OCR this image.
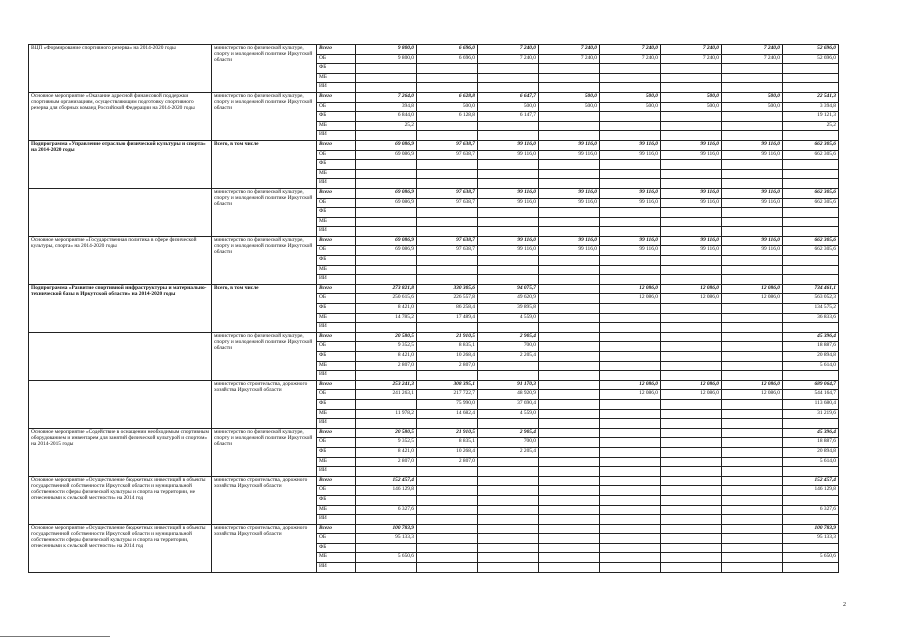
ВЦП «Формирование спортивного резерва» на 2014-2020 годы	министерство по физической культуре, спорту и молодежной политике Иркутской области	Всего	9 800,0	6 696,0	7 240,0	7 240,0	7 240,0	7 240,0	7 240,0	52 696,0
		ОБ	9 800,0	6 696,0	7 240,0	7 240,0	7 240,0	7 240,0	7 240,0	52 696,0
		ФБ								
		МБ								
		ИИ								
Основное мероприятие «Оказание адресной финансовой поддержки спортивным организациям, осуществляющим подготовку спортивного резерва для сборных команд Российской Федерации на 2014-2020 годы	министерство по физической культуре, спорту и молодежной политике Иркутской области	Всего	7 264,0	6 628,8	6 647,7	500,0	500,0	500,0	500,0	22 541,3
		ОБ	394,8	500,0	500,0	500,0	500,0	500,0	500,0	3 394,8
		ФБ	6 844,0	6 128,8	6 147,7					19 121,3
		МБ	25,2							25,2
		ИИ								
Подпрограмма «Управление отраслью физической культуры и спорта» на 2014-2020 годы	Всего, в том числе	Всего	69 086,9	97 638,7	99 116,0	99 116,0	99 116,0	99 116,0	99 116,0	662 305,6
		ОБ	69 086,9	97 638,7	99 116,0	99 116,0	99 116,0	99 116,0	99 116,0	662 305,6
		ФБ								
		МБ								
		ИИ								
	министерство по физической культуре, спорту и молодежной политике Иркутской области	Всего	69 086,9	97 638,7	99 116,0	99 116,0	99 116,0	99 116,0	99 116,0	662 305,6
		ОБ	69 086,9	97 638,7	99 116,0	99 116,0	99 116,0	99 116,0	99 116,0	662 305,6
		ФБ								
		МБ								
		ИИ								
Основное мероприятие «Государственная политика в сфере физической культуры, спорта» на 2014-2020 годы	министерство по физической культуре, спорту и молодежной политике Иркутской области	Всего	69 086,9	97 638,7	99 116,0	99 116,0	99 116,0	99 116,0	99 116,0	662 305,6
		ОБ	69 086,9	97 638,7	99 116,0	99 116,0	99 116,0	99 116,0	99 116,0	662 305,6
		ФБ								
		МБ								
		ИИ								
Подпрограмма «Развитие спортивной инфраструктуры и материально- технической базы в Иркутской области» на 2014-2020 годы	Всего, в том числе	Всего	273 821,8	330 305,6	94 075,7		12 086,0	12 086,0	12 086,0	734 461,1
		ОБ	250 615,6	226 557,8	49 620,9		12 086,0	12 086,0	12 086,0	563 052,3
		ФБ	8 421,0	86 258,4	39 895,8					134 575,2
		МБ	14 785,2	17 489,4	4 559,0					36 833,6
		ИИ								
	министерство по физической культуре, спорту и молодежной политике Иркутской области	Всего	20 580,5	21 910,5	2 905,4					45 396,4
		ОБ	9 352,5	8 835,1	700,0					18 887,6
		ФБ	8 421,0	10 268,4	2 205,4					20 894,8
		МБ	2 807,0	2 807,0						5 614,0
		ИИ								
	министерство строительства, дорожного хозяйства Иркутской области	Всего	253 241,3	308 395,1	91 170,3		12 086,0	12 086,0	12 086,0	689 064,7
		ОБ	241 263,1	217 722,7	48 920,9		12 086,0	12 086,0	12 086,0	544 164,7
		ФБ		75 990,0	37 690,4					113 680,4
		МБ	11 978,2	14 682,4	4 559,0					31 219,6
		ИИ								
Основное мероприятие «Содействие в оснащении необходимым спортивным оборудованием и инвентарем для занятий физической культурой и спортом» на 2014-2015 годы	министерство по физической культуре, спорту и молодежной политике Иркутской области	Всего	20 580,5	21 910,5	2 905,4					45 396,4
		ОБ	9 352,5	8 835,1	700,0					18 887,6
		ФБ	8 421,0	10 268,4	2 205,4					20 894,8
		МБ	2 807,0	2 807,0						5 614,0
		ИИ								
Основное мероприятие «Осуществление бюджетных инвестиций в объекты государственной собственности Иркутской области и муниципальной собственности сферы физической культуры и спорта на территории, не отнесенными к сельской местности» на 2014 год	министерство строительства, дорожного хозяйства Иркутской области	Всего	152 457,4							152 457,4
		ОБ	146 129,8							146 129,8
		ФБ								
		МБ	6 327,6							6 327,6
		ИИ								
Основное мероприятие «Осуществление бюджетных инвестиций в объекты государственной собственности Иркутской области и муниципальной собственности сферы физической культуры и спорта на территории, отнесенными к сельской местности» на 2014 год	министерство строительства, дорожного хозяйства Иркутской области	Всего	100 783,9							100 783,9
		ОБ	95 133,3							95 133,3
		ФБ								
		МБ	5 650,6							5 650,6
		ИИ								
2
